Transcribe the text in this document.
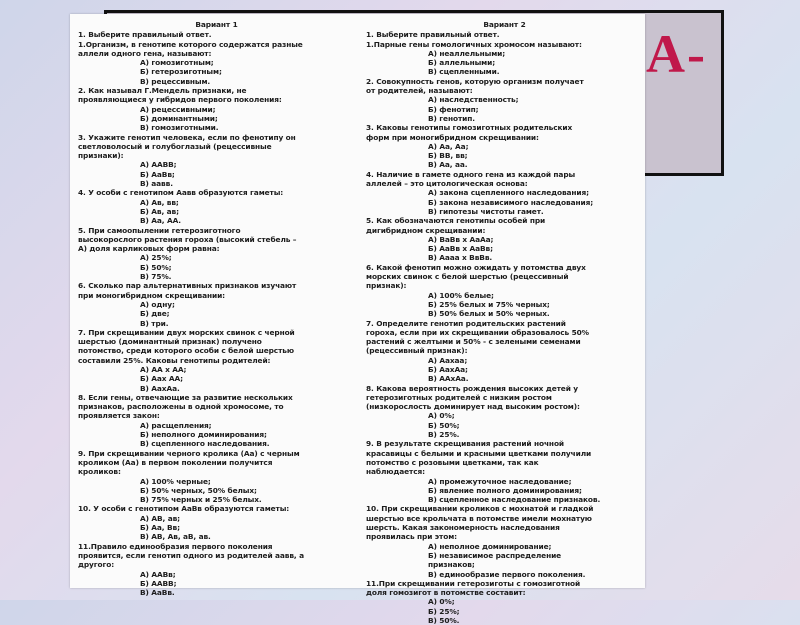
А-
Вариант 1
1. Выберите правильный ответ.
1.Организм, в генотипе которого содержатся разные
аллели одного гена, называют:
А) гомозиготным;
Б) гетерозиготным;
В) рецессивным.
2. Как называл Г.Мендель признаки, не
проявляющиеся у гибридов первого поколения:
А) рецессивными;
Б) доминантными;
В) гомозиготными.
3. Укажите генотип человека, если по фенотипу он
светловолосый и голубоглазый (рецессивные
признаки):
А) ААВВ;
Б) АаВв;
В) аавв.
4. У особи с генотипом Аавв образуются гаметы:
А) Ав, вв;
Б) Ав, ав;
В) Аа, АА.
5. При самоопылении гетерозиготного
высокорослого растения гороха (высокий стебель –
А) доля карликовых форм равна:
А) 25%;
Б) 50%;
В) 75%.
6. Сколько пар альтернативных признаков изучают
при моногибридном скрещивании:
А) одну;
Б) две;
В) три.
7. При скрещивании двух морских свинок с черной
шерстью (доминантный признак) получено
потомство, среди которого особи с белой шерстью
составили 25%. Каковы генотипы родителей:
А) АА х АА;
Б) Аах АА;
В) АахАа.
8. Если гены, отвечающие за развитие нескольких
признаков, расположены в одной хромосоме, то
проявляется закон:
А) расщепления;
Б) неполного доминирования;
В) сцепленного наследования.
9. При скрещивании черного кролика (Аа) с черным
кроликом (Аа) в первом поколении получится
кроликов:
А) 100% черные;
Б) 50% черных, 50% белых;
В) 75% черных и 25% белых.
10. У особи с генотипом АаВв образуются гаметы:
А) АВ, ав;
Б) Аа, Вв;
В) АВ, Ав, аВ, ав.
11.Правило единообразия первого поколения
проявится, если генотип одного из родителей аавв, а
другого:
А) ААВв;
Б) ААВВ;
В) АаВв.
Вариант 2
1. Выберите правильный ответ.
1.Парные гены гомологичных хромосом называют:
А) неаллельными;
Б) аллельными;
В) сцепленными.
2. Совокупность генов, которую организм получает
от родителей, называют:
А) наследственность;
Б) фенотип;
В) генотип.
3. Каковы генотипы гомозиготных родительских
форм при моногибридном скрещивании:
А) Аа, Аа;
Б) ВВ, вв;
В) Аа, аа.
4. Наличие в гамете одного гена из каждой пары
аллелей – это цитологическая основа:
А) закона сцепленного наследования;
Б) закона независимого наследования;
В) гипотезы чистоты гамет.
5. Как обозначаются генотипы особей при
дигибридном скрещивании:
А) ВаВв х АаАа;
Б) АаВв х АаВв;
В) Аааа х ВвВв.
6. Какой фенотип можно ожидать у потомства двух
морских свинок с белой шерстью (рецессивный
признак):
А) 100% белые;
Б) 25% белых и 75% черных;
В) 50% белых и 50% черных.
7. Определите генотип родительских растений
гороха, если при их скрещивании образовалось 50%
растений с желтыми и 50% - с зелеными семенами
(рецессивный признак):
А) Аахаа;
Б) АахАа;
В) ААхАа.
8. Какова вероятность рождения высоких детей у
гетерозиготных родителей с низким ростом
(низкорослость доминирует над высоким ростом):
А) 0%;
Б) 50%;
В) 25%.
9. В результате скрещивания растений ночной
красавицы с белыми и красными цветками получили
потомство с розовыми цветками, так как
наблюдается:
А) промежуточное наследование;
Б) явление полного доминирования;
В) сцепленное наследование признаков.
10. При скрещивании кроликов с мохнатой и гладкой
шерстью все крольчата в потомстве имели мохнатую
шерсть. Какая закономерность наследования
проявилась при этом:
А) неполное доминирование;
Б) независимое распределение
признаков;
В) единообразие первого поколения.
11.При скрещивании гетерозиготы с гомозиготной
доля гомозигот в потомстве составит:
А) 0%;
Б) 25%;
В) 50%.
